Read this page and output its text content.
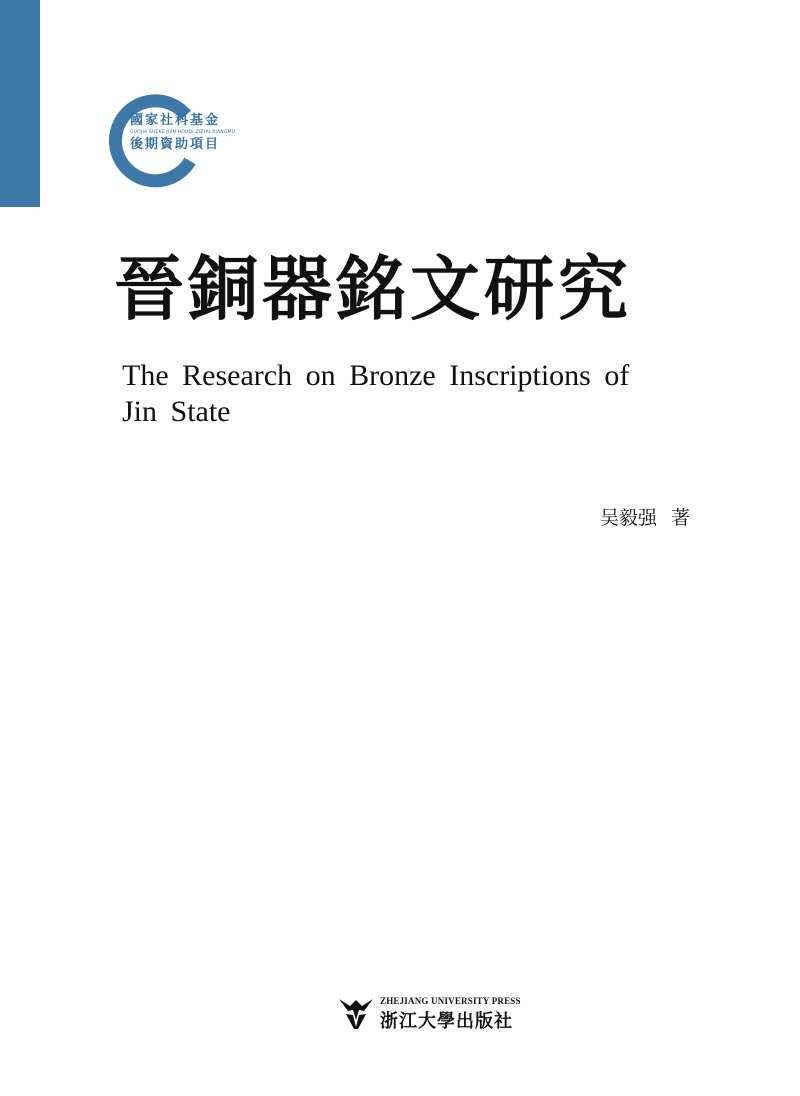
國家社科基金
GUOJIA SHEKE JIJIN HOUQI ZIZHU XIANGMU
後期資助項目
晉銅器銘文研究
The Research on Bronze Inscriptions of Jin State
吴毅强 著
ZHEJIANG UNIVERSITY PRESS
浙江大學出版社
